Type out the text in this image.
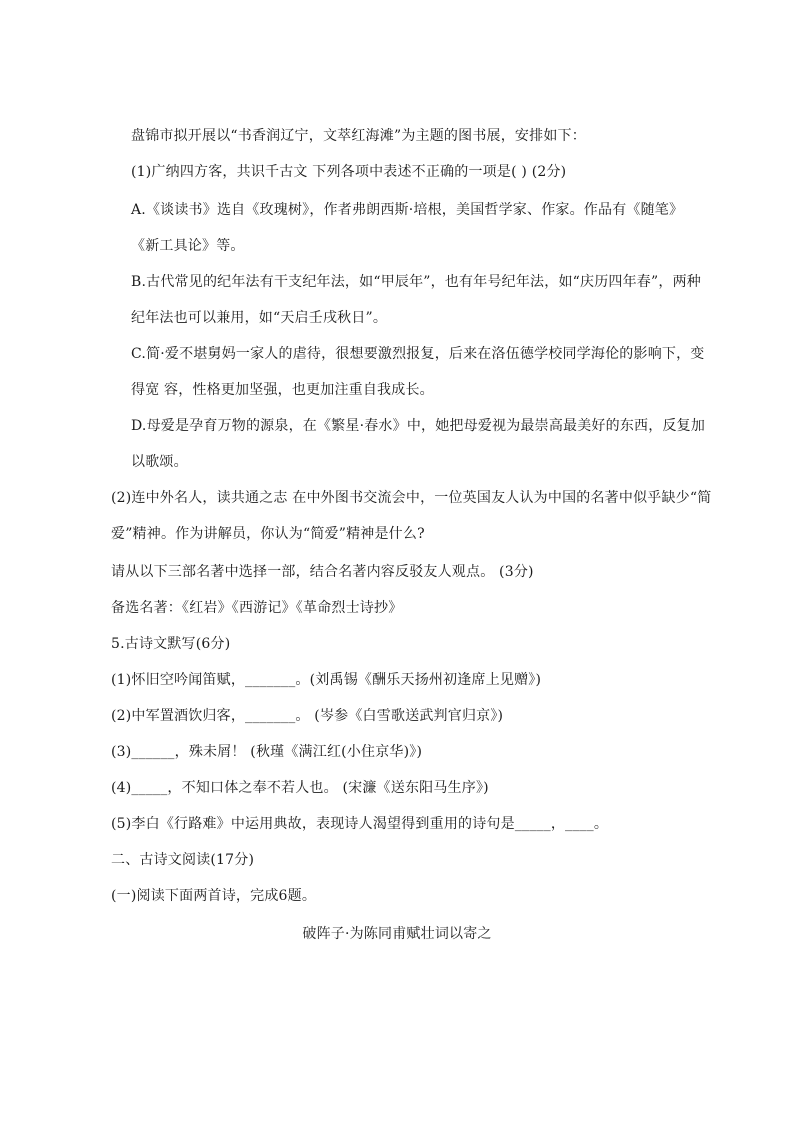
盘锦市拟开展以“书香润辽宁，文萃红海滩”为主题的图书展，安排如下：
(1)广纳四方客，共识千古文 下列各项中表述不正确的一项是( ) (2分)
A.《谈读书》选自《玫瑰树》，作者弗朗西斯·培根，美国哲学家、作家。作品有《随笔》
《新工具论》等。
B.古代常见的纪年法有干支纪年法，如“甲辰年”，也有年号纪年法，如“庆历四年春”，两种
纪年法也可以兼用，如“天启壬戌秋日”。
C.简·爱不堪舅妈一家人的虐待，很想要激烈报复，后来在洛伍德学校同学海伦的影响下，变
得宽 容，性格更加坚强，也更加注重自我成长。
D.母爱是孕育万物的源泉，在《繁星·春水》中，她把母爱视为最崇高最美好的东西，反复加
以歌颂。
(2)连中外名人，读共通之志 在中外图书交流会中，一位英国友人认为中国的名著中似乎缺少“简
爱”精神。作为讲解员，你认为“简爱”精神是什么?
请从以下三部名著中选择一部，结合名著内容反驳友人观点。 (3分)
备选名著：《红岩》《西游记》《革命烈士诗抄》
5.古诗文默写(6分)
(1)怀旧空吟闻笛赋，_______。(刘禹锡《酬乐天扬州初逢席上见赠》)
(2)中军置酒饮归客，_______。 (岑参《白雪歌送武判官归京》)
(3)______，殊未屑！ (秋瑾《满江红(小住京华)》)
(4)_____，不知口体之奉不若人也。 (宋濂《送东阳马生序》)
(5)李白《行路难》中运用典故，表现诗人渴望得到重用的诗句是_____，____。
二、古诗文阅读(17分)
(一)阅读下面两首诗，完成6题。
破阵子·为陈同甫赋壮词以寄之
